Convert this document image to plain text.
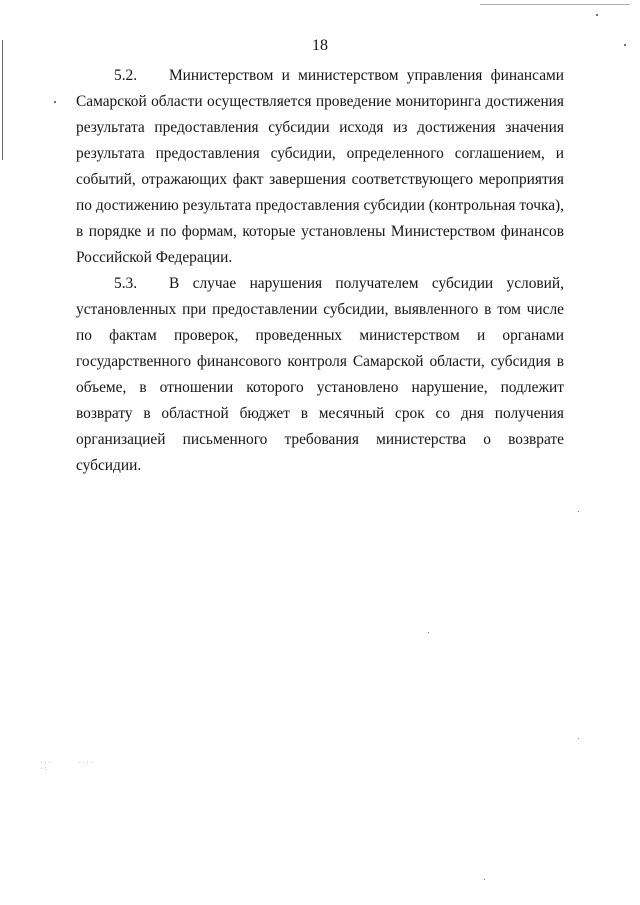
18

5.2. Министерством и министерством управления финансами Самарской области осуществляется проведение мониторинга достижения результата предоставления субсидии исходя из достижения значения результата предоставления субсидии, определенного соглашением, и событий, отражающих факт завершения соответствующего мероприятия по достижению результата предоставления субсидии (контрольная точка), в порядке и по формам, которые установлены Министерством финансов Российской Федерации.

5.3. В случае нарушения получателем субсидии условий, установленных при предоставлении субсидии, выявленного в том числе по фактам проверок, проведенных министерством и органами государственного финансового контроля Самарской области, субсидия в объеме, в отношении которого установлено нарушение, подлежит возврату в областной бюджет в месячный срок со дня получения организацией письменного требования министерства о возврате субсидии.

·:·
·:
··:·
